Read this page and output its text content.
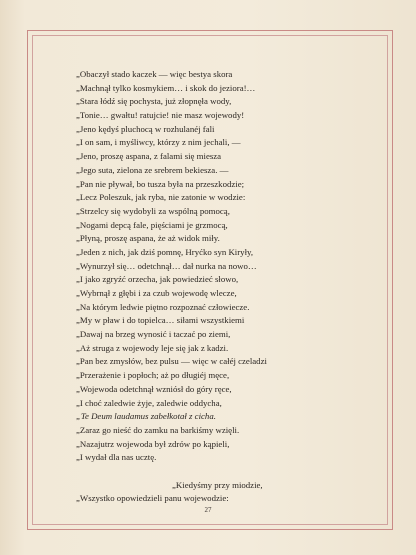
„Obaczył stado kaczek — więc bestya skora
„Machnął tylko kosmykiem… i skok do jeziora!…
„Stara łódź się pochysta, już złopnęła wody,
„Tonie… gwałtu! ratujcie! nie masz wojewody!
„Jeno kędyś pluchocą w rozhulanéj fali
„I on sam, i myśliwcy, którzy z nim jechali, —
„Jeno, proszę aspana, z falami się miesza
„Jego suta, zielona ze srebrem bekiesza. —
„Pan nie pływał, bo tusza była na przeszkodzie;
„Lecz Poleszuk, jak ryba, nie zatonie w wodzie:
„Strzelcy się wydobyli za wspólną pomocą,
„Nogami depcą fale, pięściami je grzmocą,
„Płyną, proszę aspana, że aż widok miły.
„Jeden z nich, jak dziś pomnę, Hryćko syn Kiryły,
„Wynurzył się… odetchnął… dał nurka na nowo…
„I jako zgryźć orzecha, jak powiedzieć słowo,
„Wybrnął z głębi i za czub wojewodę wlecze,
„Na którym ledwie piętno rozpoznać człowiecze.
„My w pław i do topielca… siłami wszystkiemi
„Dawaj na brzeg wynosić i taczać po ziemi,
„Aż struga z wojewody leje się jak z kadzi.
„Pan bez zmysłów, bez pulsu — więc w całéj czeladzi
„Przerażenie i popłoch; aż po długiéj męce,
„Wojewoda odetchnął wzniósł do góry ręce,
„I choć zaledwie żyje, zaledwie oddycha,
„Te Deum laudamus zabełkotał z cicha.
„Zaraz go nieść do zamku na barkiśmy wzięli.
„Nazajutrz wojewoda był zdrów po kąpieli,
„I wydał dla nas ucztę.
„Kiedyśmy przy miodzie,
„Wszystko opowiedzieli panu wojewodzie:
27
